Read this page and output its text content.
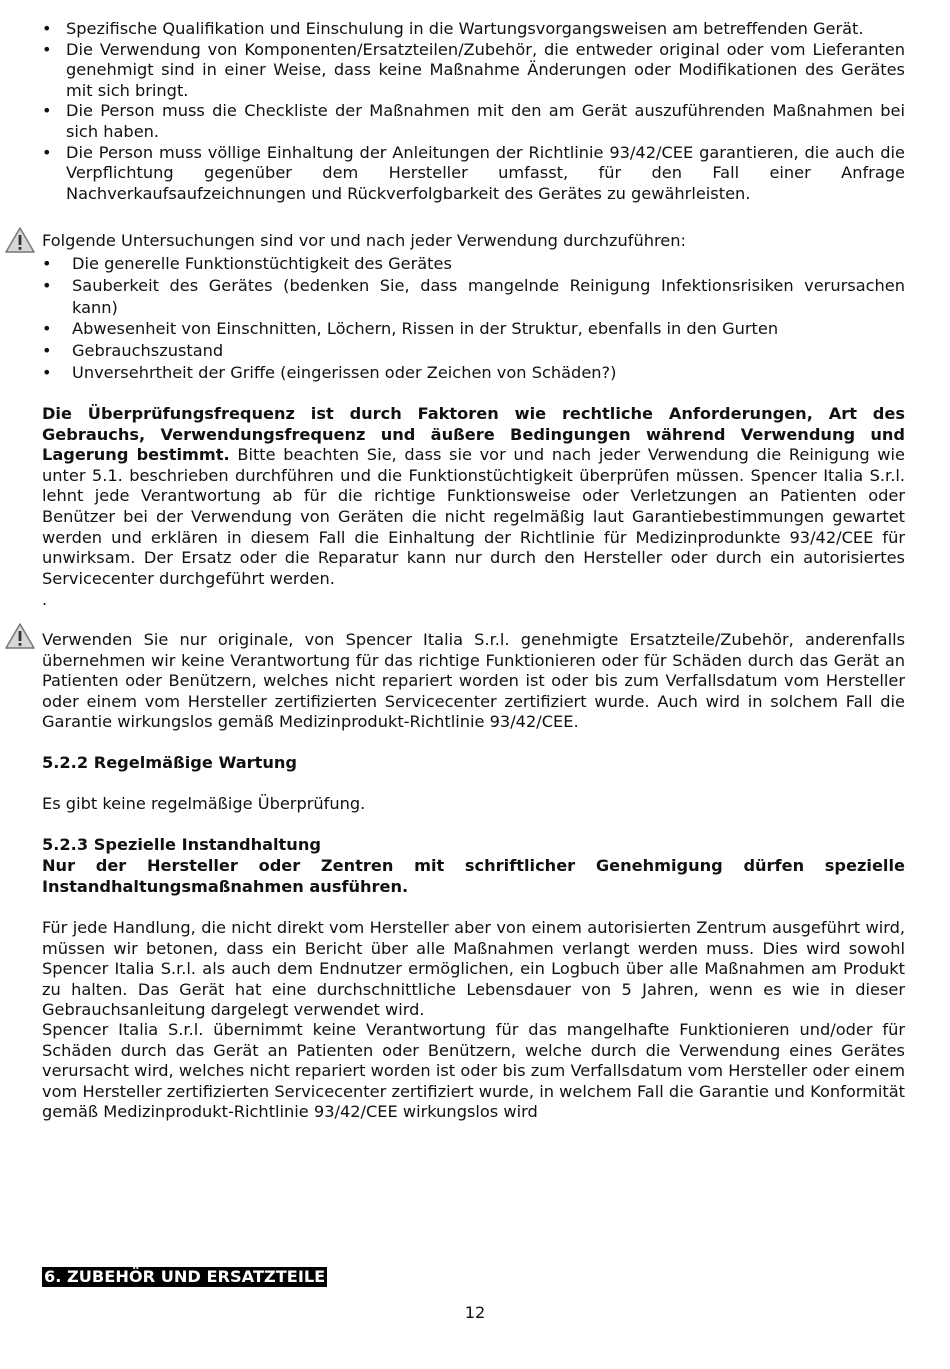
• Spezifische Qualifikation und Einschulung in die Wartungsvorgangsweisen am betreffenden Gerät.
• Die Verwendung von Komponenten/Ersatzteilen/Zubehör, die entweder original oder vom Lieferanten genehmigt sind in einer Weise, dass keine Maßnahme Änderungen oder Modifikationen des Gerätes mit sich bringt.
• Die Person muss die Checkliste der Maßnahmen mit den am Gerät auszuführenden Maßnahmen bei sich haben.
• Die Person muss völlige Einhaltung der Anleitungen der Richtlinie 93/42/CEE garantieren, die auch die Verpflichtung gegenüber dem Hersteller umfasst, für den Fall einer Anfrage Nachverkaufsaufzeichnungen und Rückverfolgbarkeit des Gerätes zu gewährleisten.
Folgende Untersuchungen sind vor und nach jeder Verwendung durchzuführen:
• Die generelle Funktionstüchtigkeit des Gerätes
• Sauberkeit des Gerätes (bedenken Sie, dass mangelnde Reinigung Infektionsrisiken verursachen kann)
• Abwesenheit von Einschnitten, Löchern, Rissen in der Struktur, ebenfalls in den Gurten
• Gebrauchszustand
• Unversehrtheit der Griffe (eingerissen oder Zeichen von Schäden?)
Die Überprüfungsfrequenz ist durch Faktoren wie rechtliche Anforderungen, Art des Gebrauchs, Verwendungsfrequenz und äußere Bedingungen während Verwendung und Lagerung bestimmt. Bitte beachten Sie, dass sie vor und nach jeder Verwendung die Reinigung wie unter 5.1. beschrieben durchführen und die Funktionstüchtigkeit überprüfen müssen. Spencer Italia S.r.l. lehnt jede Verantwortung ab für die richtige Funktionsweise oder Verletzungen an Patienten oder Benützer bei der Verwendung von Geräten die nicht regelmäßig laut Garantiebestimmungen gewartet werden und erklären in diesem Fall die Einhaltung der Richtlinie für Medizinprodunkte 93/42/CEE für unwirksam. Der Ersatz oder die Reparatur kann nur durch den Hersteller oder durch ein autorisiertes Servicecenter durchgeführt werden.
.
Verwenden Sie nur originale, von Spencer Italia S.r.l. genehmigte Ersatzteile/Zubehör, anderenfalls übernehmen wir keine Verantwortung für das richtige Funktionieren oder für Schäden durch das Gerät an Patienten oder Benützern, welches nicht repariert worden ist oder bis zum Verfallsdatum vom Hersteller oder einem vom Hersteller zertifizierten Servicecenter zertifiziert wurde. Auch wird in solchem Fall die Garantie wirkungslos gemäß Medizinprodukt-Richtlinie 93/42/CEE.
5.2.2 Regelmäßige Wartung
Es gibt keine regelmäßige Überprüfung.
5.2.3 Spezielle Instandhaltung
Nur der Hersteller oder Zentren mit schriftlicher Genehmigung dürfen spezielle Instandhaltungsmaßnahmen ausführen.
Für jede Handlung, die nicht direkt vom Hersteller aber von einem autorisierten Zentrum ausgeführt wird, müssen wir betonen, dass ein Bericht über alle Maßnahmen verlangt werden muss. Dies wird sowohl Spencer Italia S.r.l. als auch dem Endnutzer ermöglichen, ein Logbuch über alle Maßnahmen am Produkt zu halten. Das Gerät hat eine durchschnittliche Lebensdauer von 5 Jahren, wenn es wie in dieser Gebrauchsanleitung dargelegt verwendet wird.
Spencer Italia S.r.l. übernimmt keine Verantwortung für das mangelhafte Funktionieren und/oder für Schäden durch das Gerät an Patienten oder Benützern, welche durch die Verwendung eines Gerätes verursacht wird, welches nicht repariert worden ist oder bis zum Verfallsdatum vom Hersteller oder einem vom Hersteller zertifizierten Servicecenter zertifiziert wurde, in welchem Fall die Garantie und Konformität gemäß Medizinprodukt-Richtlinie 93/42/CEE wirkungslos wird
6. ZUBEHÖR UND ERSATZTEILE
12
